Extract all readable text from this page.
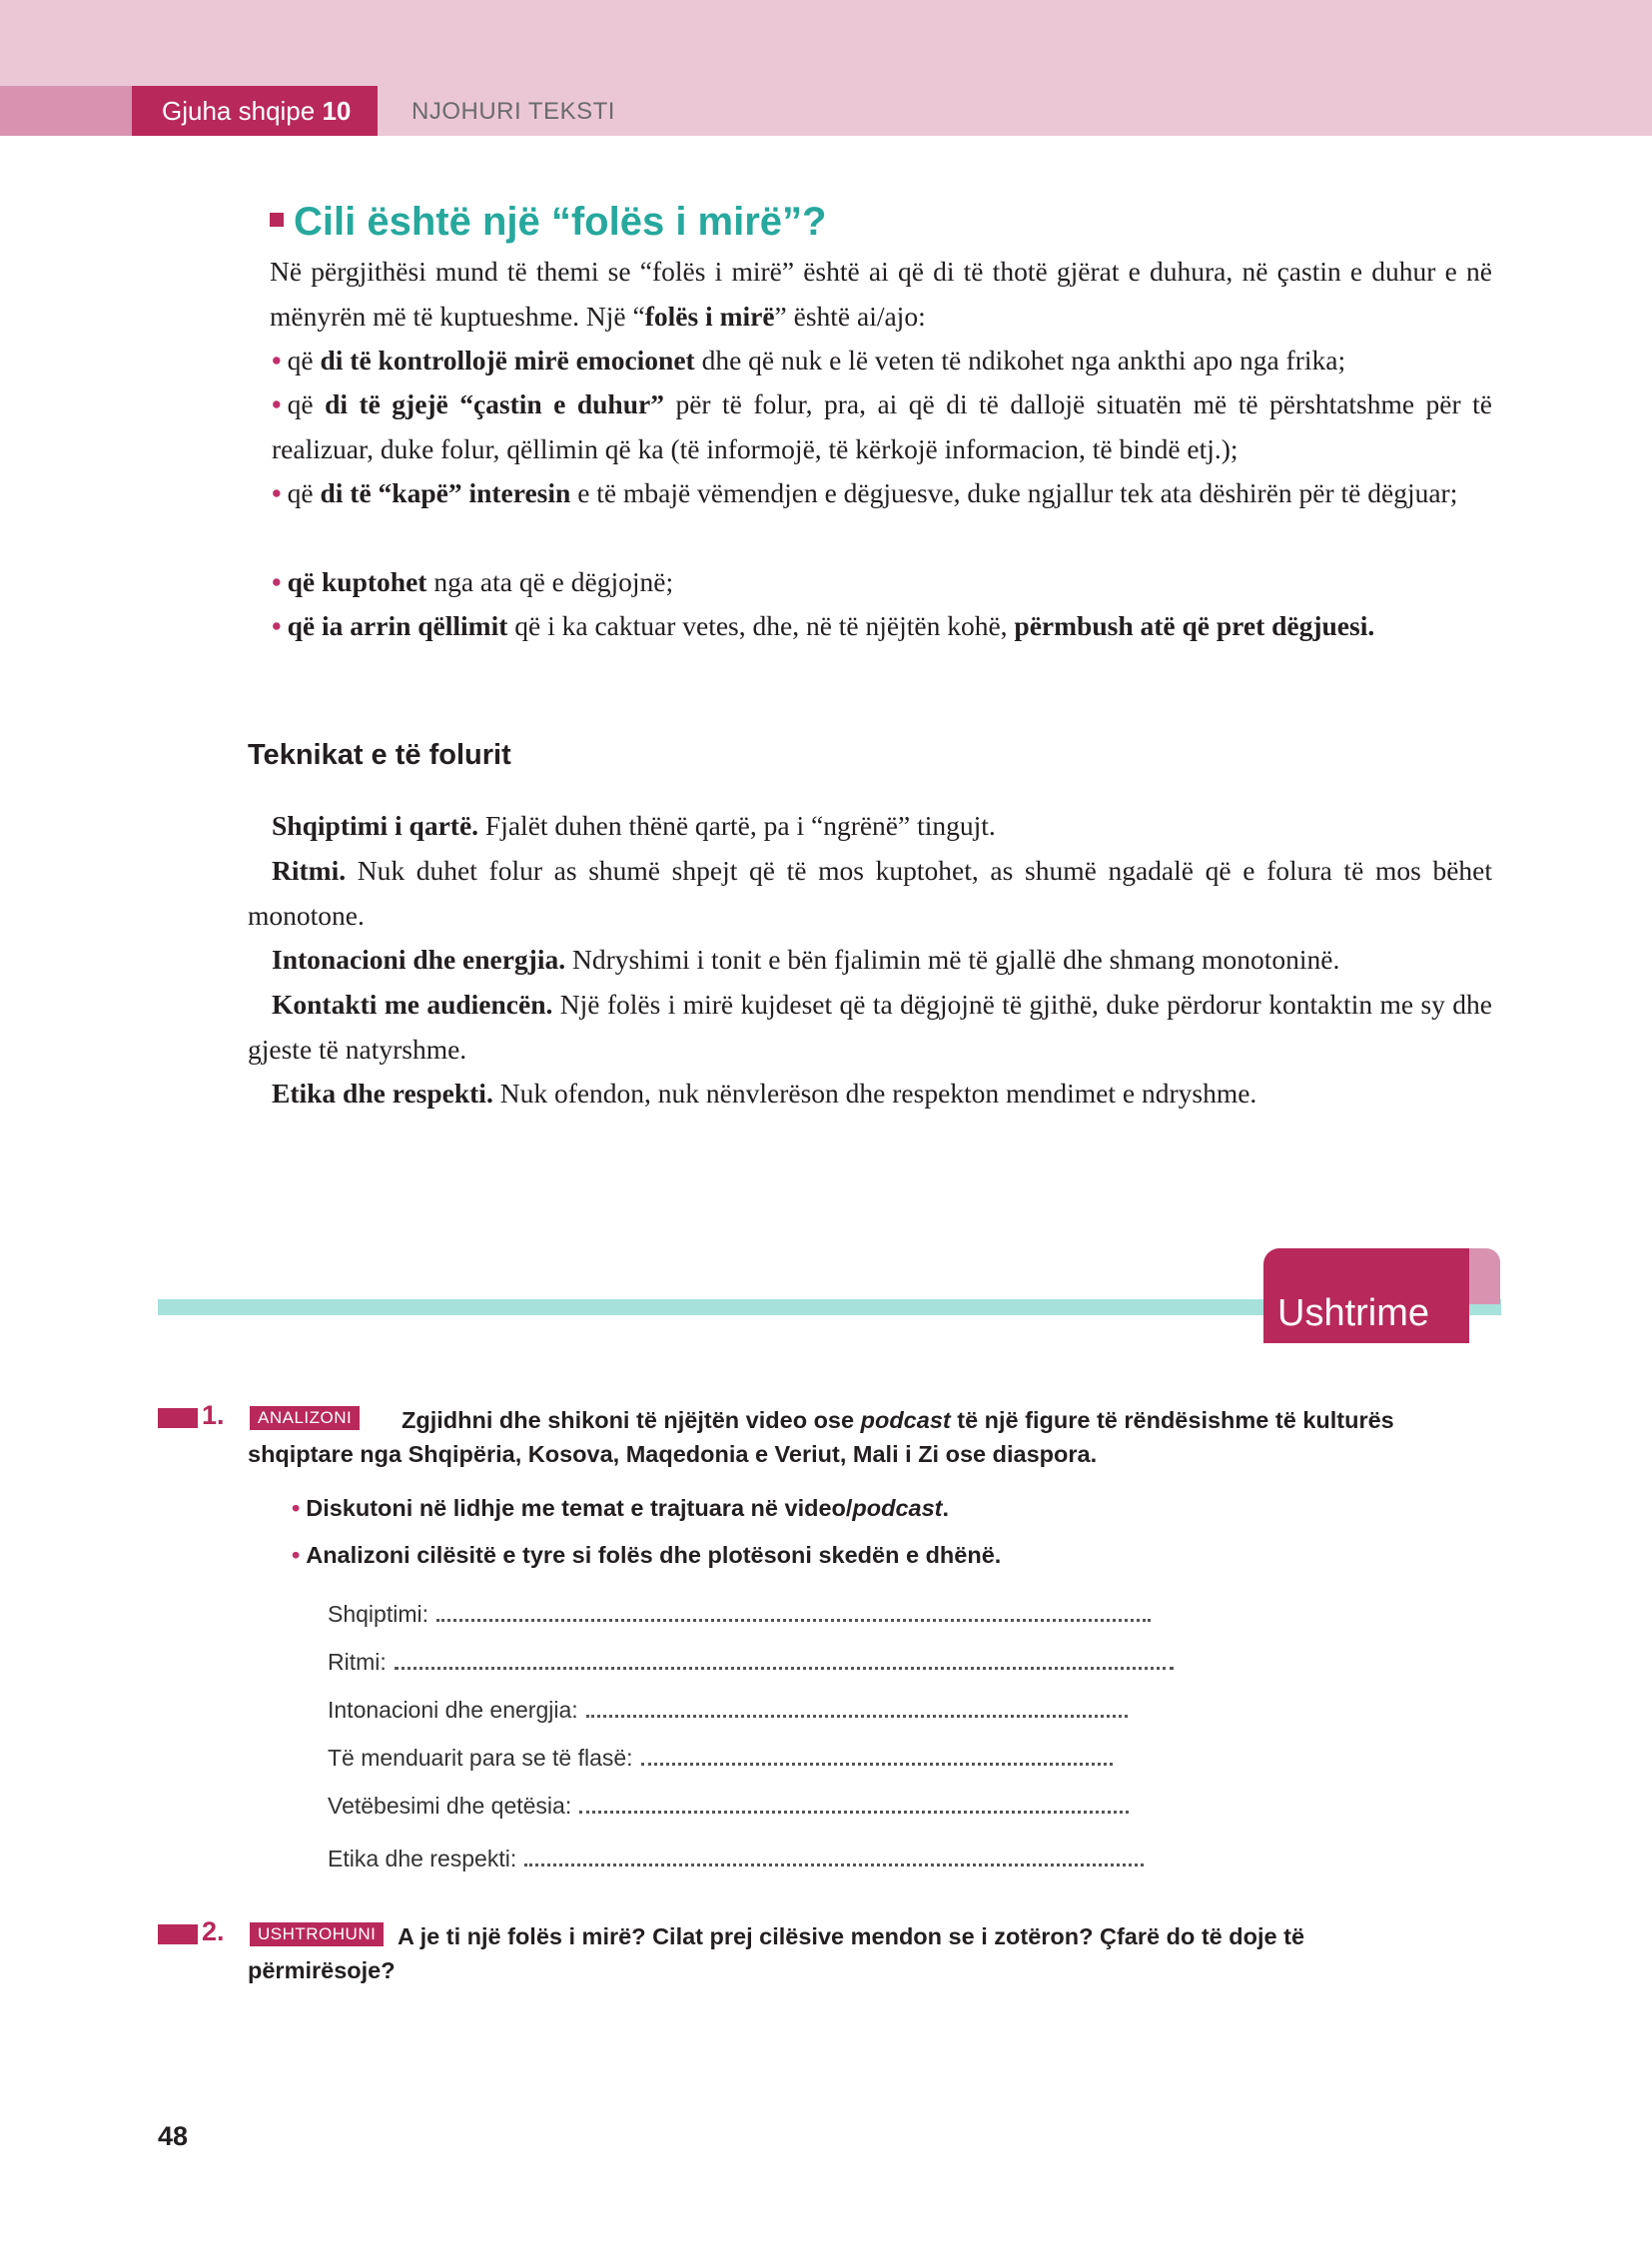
Gjuha shqipe 10	NJOHURI TEKSTI
Cili është një “folës i mirë”?
Në përgjithësi mund të themi se “folës i mirë” është ai që di të thotë gjërat e duhura, në çastin e duhur e në mënyrën më të kuptueshme. Një “folës i mirë” është ai/ajo:
• që di të kontrollojë mirë emocionet dhe që nuk e lë veten të ndikohet nga ankthi apo nga frika;
• që di të gjejë “çastin e duhur” për të folur, pra, ai që di të dallojë situatën më të përshtatshme për të realizuar, duke folur, qëllimin që ka (të informojë, të kërkojë informacion, të bindë etj.);
• që di të “kapë” interesin e të mbajë vëmendjen e dëgjuesve, duke ngjallur tek ata dëshirën për të dëgjuar;
• që kuptohet nga ata që e dëgjojnë;
• që ia arrin qëllimit që i ka caktuar vetes, dhe, në të njëjtën kohë, përmbush atë që pret dëgjuesi.
Teknikat e të folurit
Shqiptimi i qartë. Fjalët duhen thënë qartë, pa i “ngrënë” tingujt.
Ritmi. Nuk duhet folur as shumë shpejt që të mos kuptohet, as shumë ngadalë që e folura të mos bëhet monotone.
Intonacioni dhe energjia. Ndryshimi i tonit e bën fjalimin më të gjallë dhe shmang monotoninë.
Kontakti me audiencën. Një folës i mirë kujdeset që ta dëgjojnë të gjithë, duke përdorur kontaktin me sy dhe gjeste të natyrshme.
Etika dhe respekti. Nuk ofendon, nuk nënvlerëson dhe respekton mendimet e ndryshme.
Ushtrime
1.	ANALIZONI	Zgjidhni dhe shikoni të njëjtën video ose podcast të një figure të rëndësishme të kulturës shqiptare nga Shqipëria, Kosova, Maqedonia e Veriut, Mali i Zi ose diaspora.
• Diskutoni në lidhje me temat e trajtuara në video/podcast.
• Analizoni cilësitë e tyre si folës dhe plotësoni skedën e dhënë.
Shqiptimi:
Ritmi:
Intonacioni dhe energjia:
Të menduarit para se të flasë:
Vetëbesimi dhe qetësia:
Etika dhe respekti:
2.	USHTROHUNI A je ti një folës i mirë? Cilat prej cilësive mendon se i zotëron? Çfarë do të doje të përmirësoje?
48
